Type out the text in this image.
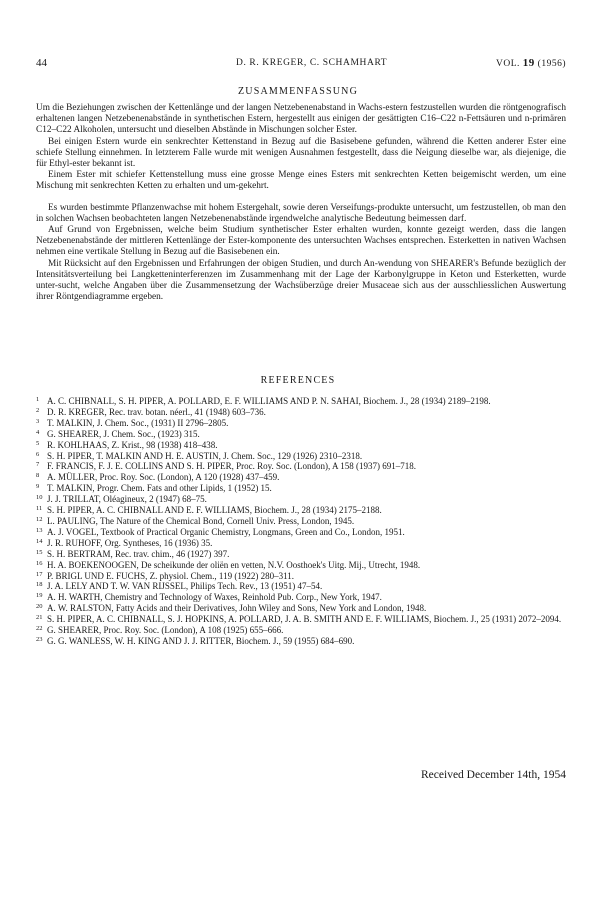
44	D. R. KREGER, C. SCHAMHART	VOL. 19 (1956)
ZUSAMMENFASSUNG

Um die Beziehungen zwischen der Kettenlänge und der langen Netzebenenabstand in Wachs-estern festzustellen wurden die röntgenografisch erhaltenen langen Netzebenenabstände in synthetischen Estern, hergestellt aus einigen der gesättigten C16–C22 n-Fettsäuren und n-primären C12–C22 Alkoholen, untersucht und dieselben Abstände in Mischungen solcher Ester.

Bei einigen Estern wurde ein senkrechter Kettenstand in Bezug auf die Basisebene gefunden, während die Ketten anderer Ester eine schiefe Stellung einnehmen. In letzterem Falle wurde mit wenigen Ausnahmen festgestellt, dass die Neigung dieselbe war, als diejenige, die für Ethyl-ester bekannt ist.

Einem Ester mit schiefer Kettenstellung muss eine grosse Menge eines Esters mit senkrechten Ketten beigemischt werden, um eine Mischung mit senkrechten Ketten zu erhalten und um-gekehrt.

Es wurden bestimmte Pflanzenwachse mit hohem Estergehalt, sowie deren Verseifungs-produkte untersucht, um festzustellen, ob man den in solchen Wachsen beobachteten langen Netzebenenabstände irgendwelche analytische Bedeutung beimessen darf.

Auf Grund von Ergebnissen, welche beim Studium synthetischer Ester erhalten wurden, konnte gezeigt werden, dass die langen Netzebenenabstände der mittleren Kettenlänge der Ester-komponente des untersuchten Wachses entsprechen. Esterketten in nativen Wachsen nehmen eine vertikale Stellung in Bezug auf die Basisebenen ein.

Mit Rücksicht auf den Ergebnissen und Erfahrungen der obigen Studien, und durch An-wendung von SHEARER's Befunde bezüglich der Intensitätsverteilung bei Langketteninterferenzen im Zusammenhang mit der Lage der Karbonylgruppe in Keton und Esterketten, wurde unter-sucht, welche Angaben über die Zusammensetzung der Wachsüberzüge dreier Musaceae sich aus der ausschliesslichen Auswertung ihrer Röntgendiagramme ergeben.

REFERENCES
1 A. C. CHIBNALL, S. H. PIPER, A. POLLARD, E. F. WILLIAMS AND P. N. SAHAI, Biochem. J., 28 (1934) 2189–2198.
2 D. R. KREGER, Rec. trav. botan. néerl., 41 (1948) 603–736.
3 T. MALKIN, J. Chem. Soc., (1931) II 2796–2805.
4 G. SHEARER, J. Chem. Soc., (1923) 315.
5 R. KOHLHAAS, Z. Krist., 98 (1938) 418–438.
6 S. H. PIPER, T. MALKIN AND H. E. AUSTIN, J. Chem. Soc., 129 (1926) 2310–2318.
7 F. FRANCIS, F. J. E. COLLINS AND S. H. PIPER, Proc. Roy. Soc. (London), A 158 (1937) 691–718.
8 A. MÜLLER, Proc. Roy. Soc. (London), A 120 (1928) 437–459.
9 T. MALKIN, Progr. Chem. Fats and other Lipids, 1 (1952) 15.
10 J. J. TRILLAT, Oléagineux, 2 (1947) 68–75.
11 S. H. PIPER, A. C. CHIBNALL AND E. F. WILLIAMS, Biochem. J., 28 (1934) 2175–2188.
12 L. PAULING, The Nature of the Chemical Bond, Cornell Univ. Press, London, 1945.
13 A. J. VOGEL, Textbook of Practical Organic Chemistry, Longmans, Green and Co., London, 1951.
14 J. R. RUHOFF, Org. Syntheses, 16 (1936) 35.
15 S. H. BERTRAM, Rec. trav. chim., 46 (1927) 397.
16 H. A. BOEKENOOGEN, De scheikunde der oliën en vetten, N.V. Oosthoek's Uitg. Mij., Utrecht, 1948.
17 P. BRIGL UND E. FUCHS, Z. physiol. Chem., 119 (1922) 280–311.
18 J. A. LELY AND T. W. VAN RIJSSEL, Philips Tech. Rev., 13 (1951) 47–54.
19 A. H. WARTH, Chemistry and Technology of Waxes, Reinhold Pub. Corp., New York, 1947.
20 A. W. RALSTON, Fatty Acids and their Derivatives, John Wiley and Sons, New York and London, 1948.
21 S. H. PIPER, A. C. CHIBNALL, S. J. HOPKINS, A. POLLARD, J. A. B. SMITH AND E. F. WILLIAMS, Biochem. J., 25 (1931) 2072–2094.
22 G. SHEARER, Proc. Roy. Soc. (London), A 108 (1925) 655–666.
23 G. G. WANLESS, W. H. KING AND J. J. RITTER, Biochem. J., 59 (1955) 684–690.
Received December 14th, 1954
